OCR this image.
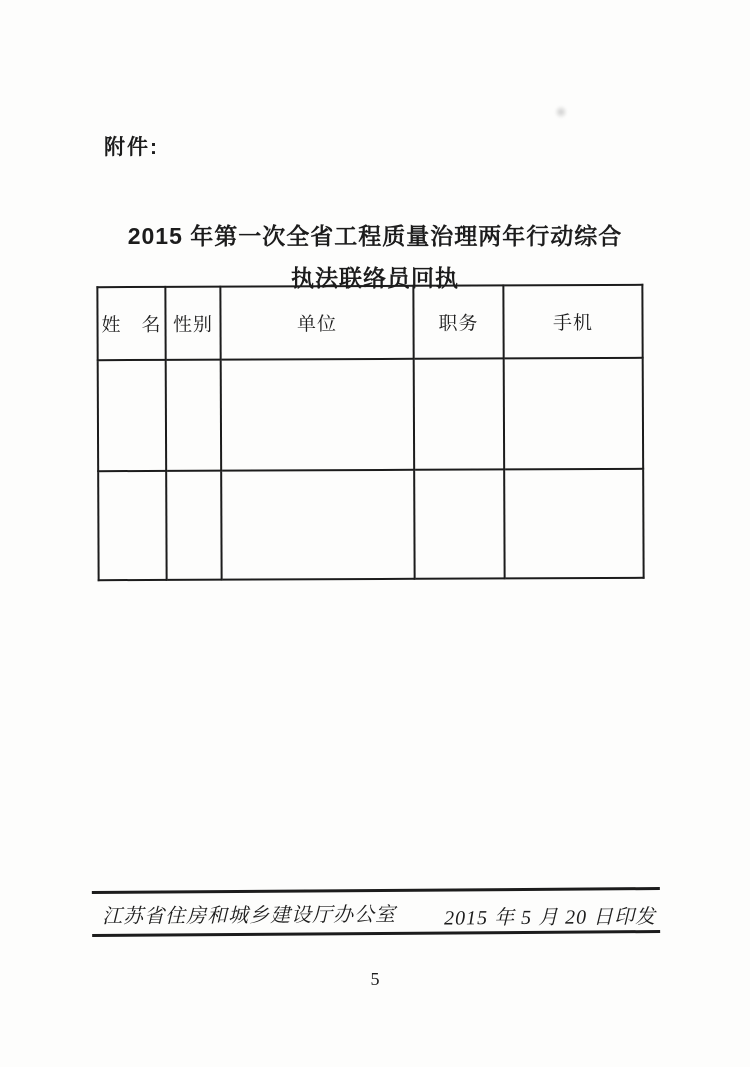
附件:
2015 年第一次全省工程质量治理两年行动综合
执法联络员回执
姓　名	性别	单位	职务	手机

江苏省住房和城乡建设厅办公室 2015 年 5 月 20 日印发
5
